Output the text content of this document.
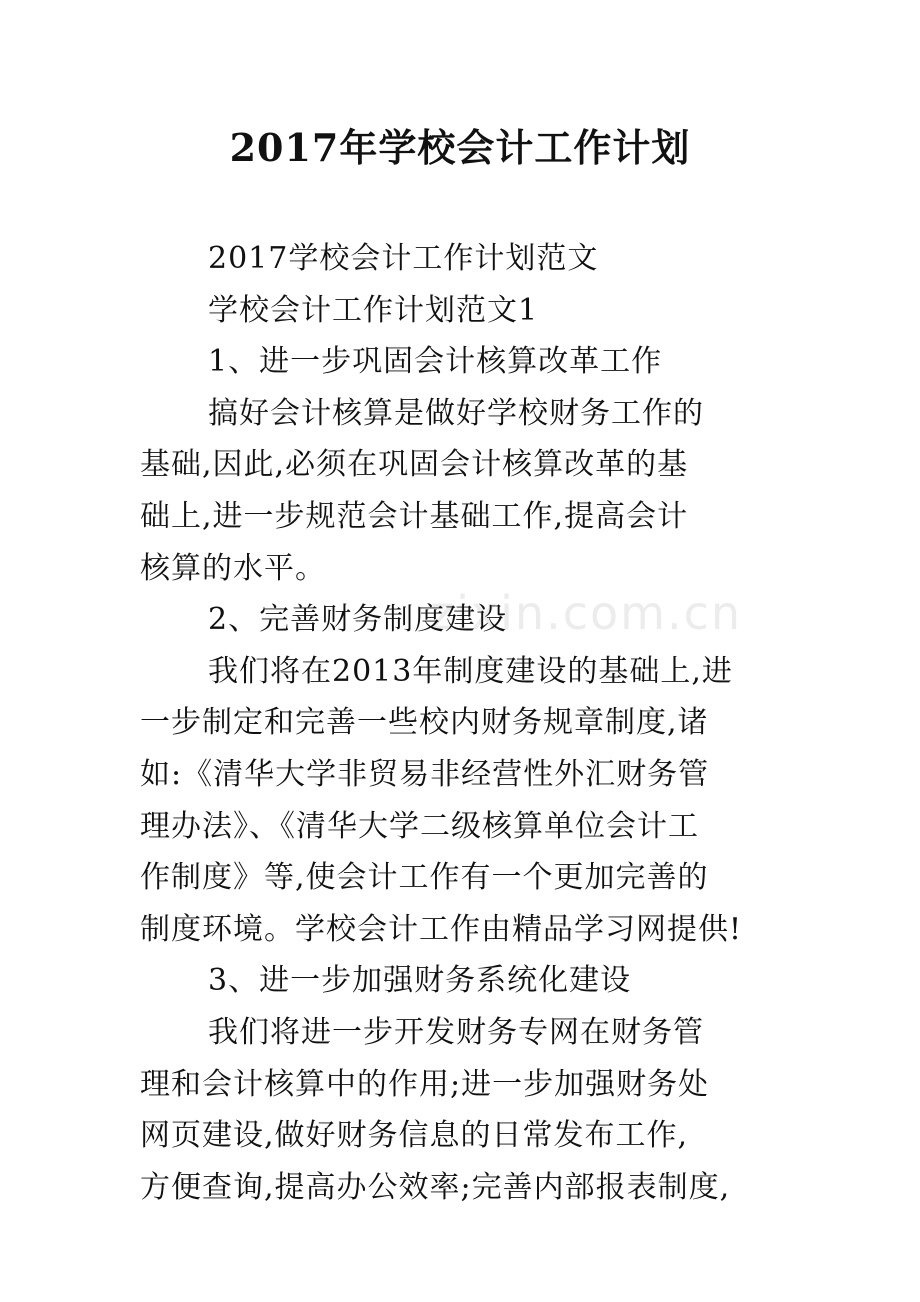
2017年学校会计工作计划
zixin.com.cn
2017学校会计工作计划范文
学校会计工作计划范文1
1、进一步巩固会计核算改革工作
搞好会计核算是做好学校财务工作的
基础,因此,必须在巩固会计核算改革的基
础上,进一步规范会计基础工作,提高会计
核算的水平。
2、完善财务制度建设
我们将在2013年制度建设的基础上,进
一步制定和完善一些校内财务规章制度,诸
如:《清华大学非贸易非经营性外汇财务管
理办法》、《清华大学二级核算单位会计工
作制度》等,使会计工作有一个更加完善的
制度环境。学校会计工作由精品学习网提供!
3、进一步加强财务系统化建设
我们将进一步开发财务专网在财务管
理和会计核算中的作用;进一步加强财务处
网页建设,做好财务信息的日常发布工作,
方便查询,提高办公效率;完善内部报表制度,
